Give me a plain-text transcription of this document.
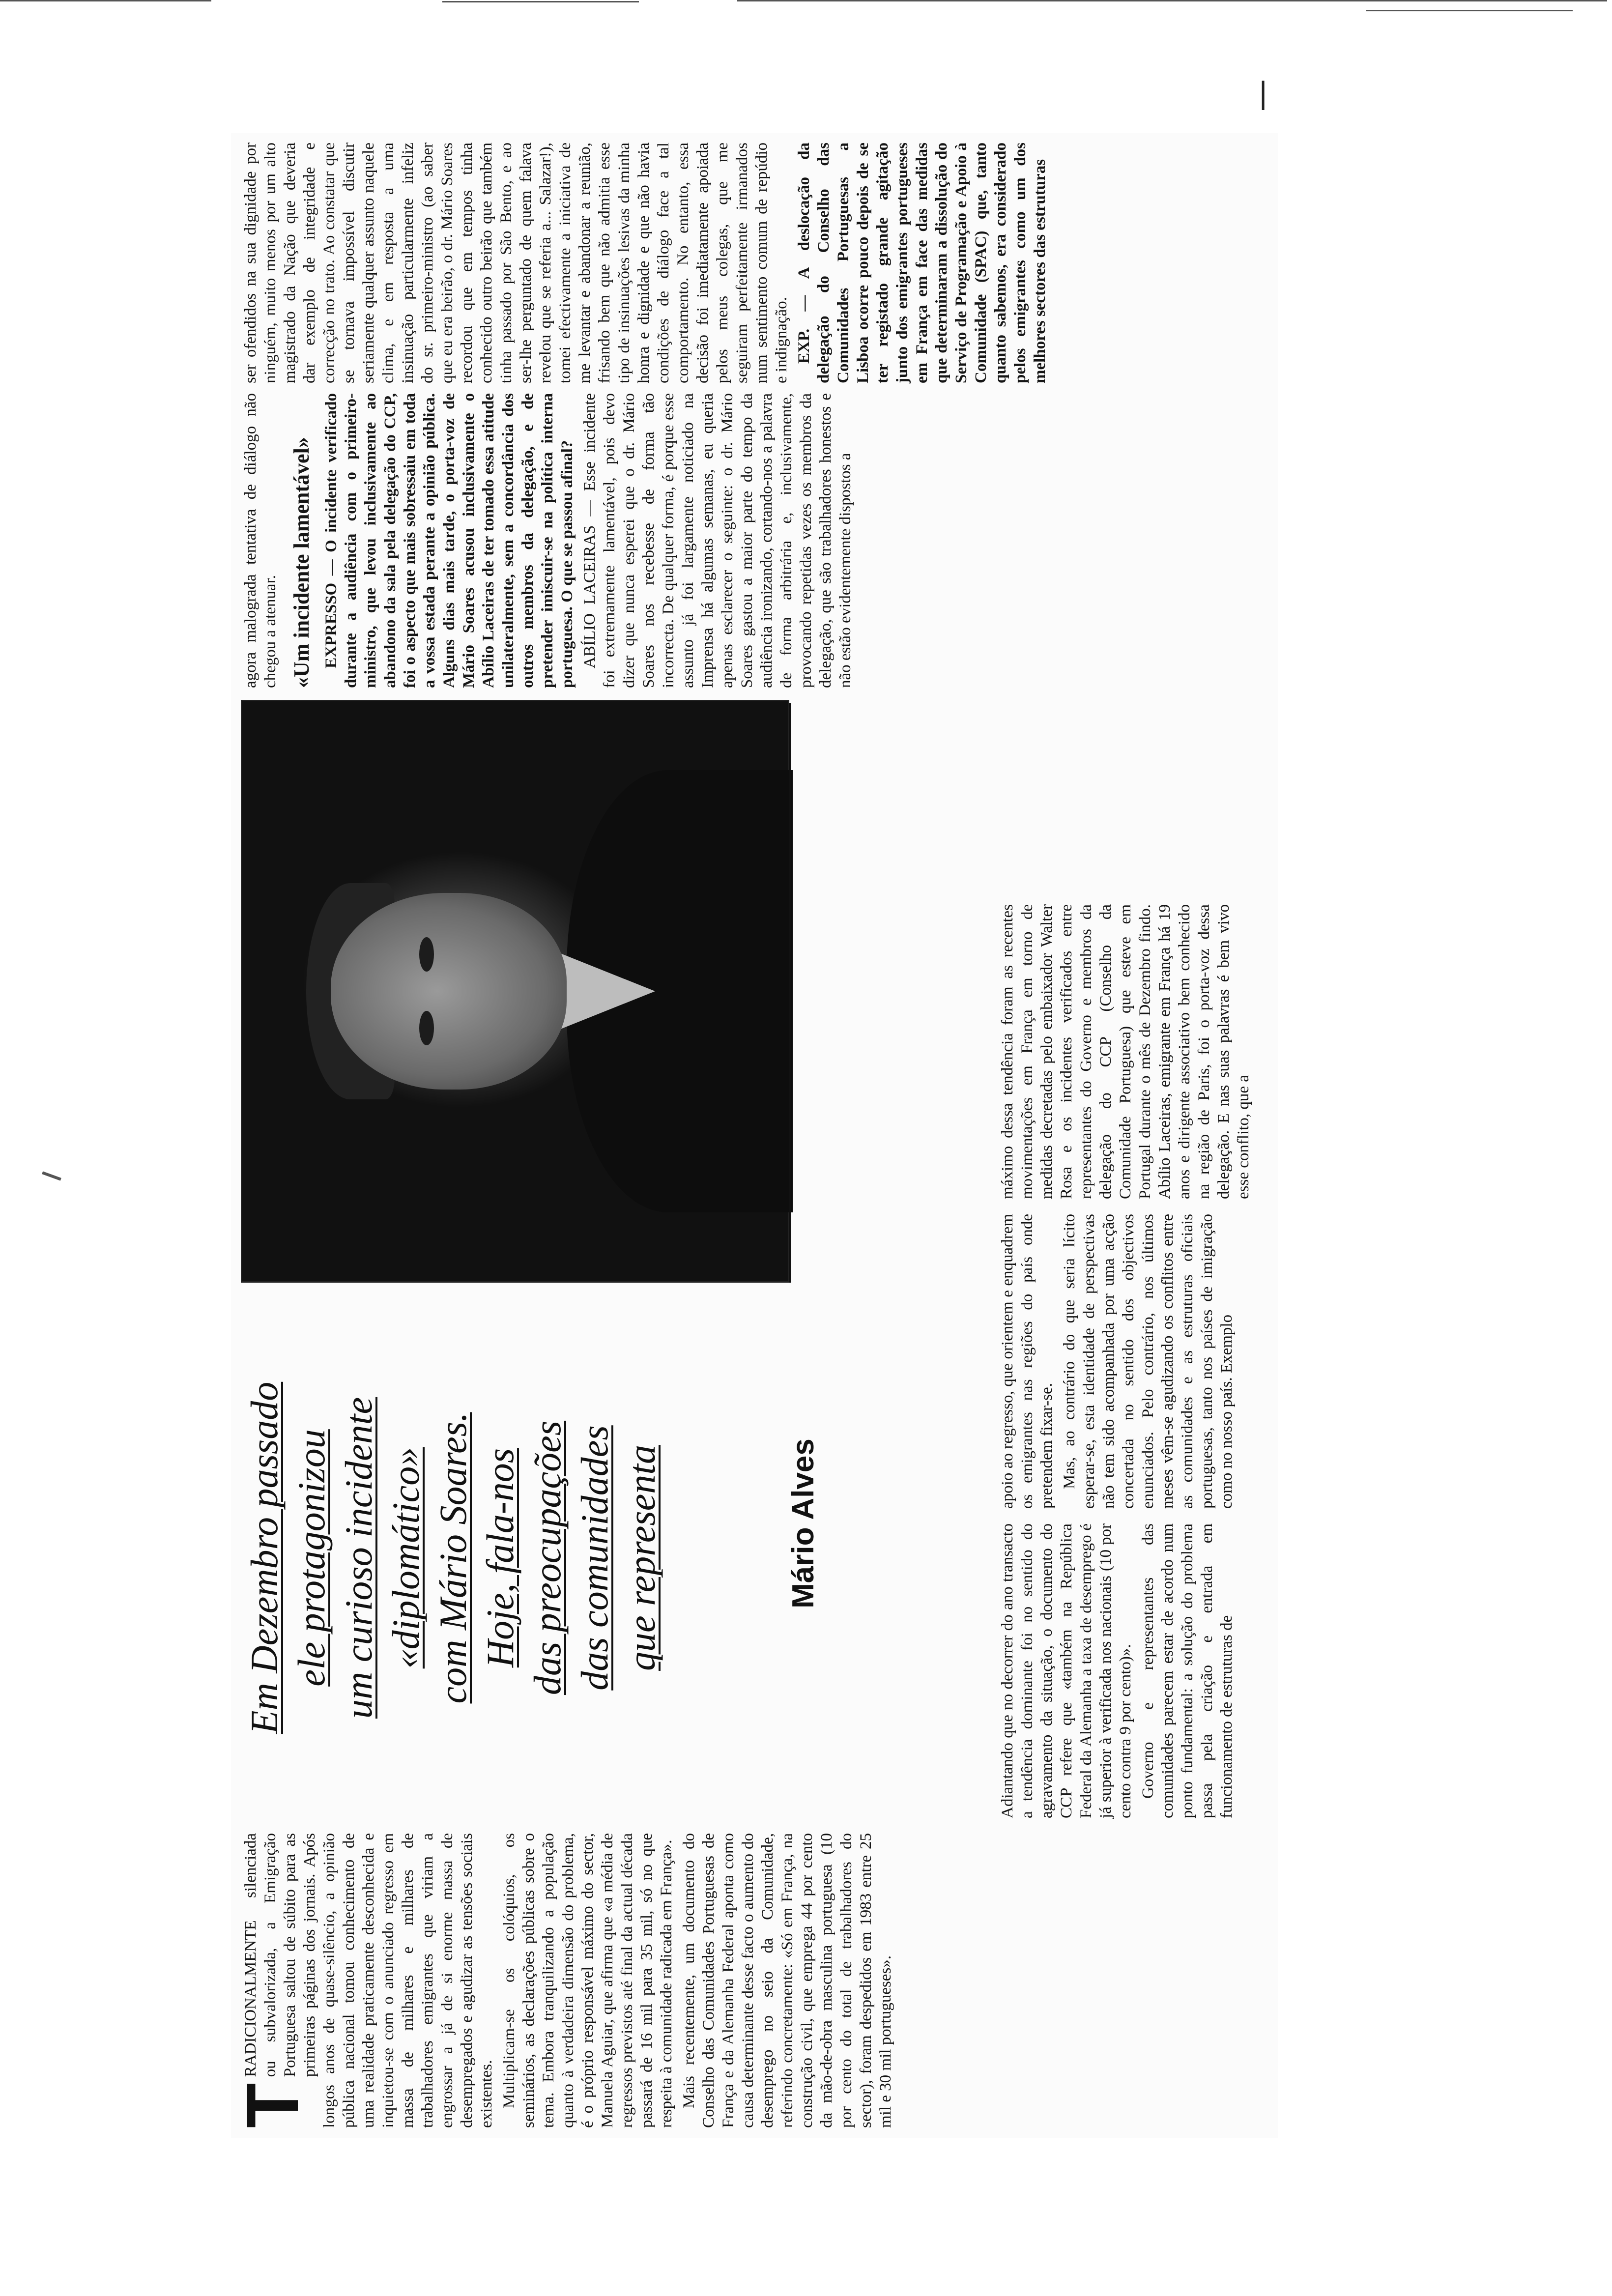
|
T

RADICIONALMENTE silenciada ou subvalorizada, a Emigração Portuguesa saltou de súbito para as primeiras páginas dos jornais. Após longos anos de quase-silêncio, a opinião pública nacional tomou conhecimento de uma realidade praticamente desconhecida e inquietou-se com o anunciado regresso em massa de milhares e milhares de trabalhadores emigrantes que viriam a engrossar a já de si enorme massa de desempregados e agudizar as tensões sociais existentes. Multiplicam-se os colóquios, os seminários, as declarações públicas sobre o tema. Embora tranquilizando a população quanto à verdadeira dimensão do problema, é o próprio responsável máximo do sector, Manuela Aguiar, que afirma que «a média de regressos previstos até final da actual década passará de 16 mil para 35 mil, só no que respeita à comunidade radicada em França». Mais recentemente, um documento do Conselho das Comunidades Portuguesas de França e da Alemanha Federal aponta como causa determinante desse facto o aumento do desemprego no seio da Comunidade, referindo concretamente: «Só em França, na construção civil, que emprega 44 por cento da mão-de-obra masculina portuguesa (10 por cento do total de trabalhadores do sector), foram despedidos em 1983 entre 25 mil e 30 mil portugueses».

Em Dezembro passado ele protagonizou um curioso incidente «diplomático» com Mário Soares. Hoje, fala-nos das preocupações das comunidades que representa	Mário Alves	Adiantando que no decorrer do ano transacto a tendência dominante foi no sentido do agravamento da situação, o documento do CCP refere que «também na República Federal da Alemanha a taxa de desemprego é já superior à verificada nos nacionais (10 por cento contra 9 por cento)». Governo e representantes das comunidades parecem estar de acordo num ponto fundamental: a solução do problema passa pela criação e entrada em funcionamento de estruturas de

apoio ao regresso, que orientem e enquadrem os emigrantes nas regiões do país onde pretendem fixar-se. Mas, ao contrário do que seria lícito esperar-se, esta identidade de perspectivas não tem sido acompanhada por uma acção concertada no sentido dos objectivos enunciados. Pelo contrário, nos últimos meses vêm-se agudizando os conflitos entre as comunidades e as estruturas oficiais portuguesas, tanto nos países de imigração como no nosso país. Exemplo

máximo dessa tendência foram as recentes movimentações em França em torno de medidas decretadas pelo embaixador Walter Rosa e os incidentes verificados entre representantes do Governo e membros da delegação do CCP (Conselho da Comunidade Portuguesa) que esteve em Portugal durante o mês de Dezembro findo. Abílio Laceiras, emigrante em França há 19 anos e dirigente associativo bem conhecido na região de Paris, foi o porta-voz dessa delegação. E nas suas palavras é bem vivo esse conflito, que a

agora malograda tentativa de diálogo não chegou a atenuar. «Um incidente lamentável» EXPRESSO — O incidente verificado durante a audiência com o primeiro-ministro, que levou inclusivamente ao abandono da sala pela delegação do CCP, foi o aspecto que mais sobressaiu em toda a vossa estada perante a opinião pública. Alguns dias mais tarde, o porta-voz de Mário Soares acusou inclusivamente o Abílio Laceiras de ter tomado essa atitude unilateralmente, sem a concordância dos outros membros da delegação, e de pretender imiscuir-se na política interna portuguesa. O que se passou afinal? ABÍLIO LACEIRAS — Esse incidente foi extremamente lamentável, pois devo dizer que nunca esperei que o dr. Mário Soares nos recebesse de forma tão incorrecta. De qualquer forma, é porque esse assunto já foi largamente noticiado na Imprensa há algumas semanas, eu queria apenas esclarecer o seguinte: o dr. Mário Soares gastou a maior parte do tempo da audiência ironizando, cortando-nos a palavra de forma arbitrária e, inclusivamente, provocando repetidas vezes os membros da delegação, que são trabalhadores honestos e não estão evidentemente dispostos a

ser ofendidos na sua dignidade por ninguém, muito menos por um alto magistrado da Nação que deveria dar exemplo de integridade e correcção no trato. Ao constatar que se tornava impossível discutir seriamente qualquer assunto naquele clima, e em resposta a uma insinuação particularmente infeliz do sr. primeiro-ministro (ao saber que eu era beirão, o dr. Mário Soares recordou que em tempos tinha conhecido outro beirão que também tinha passado por São Bento, e ao ser-lhe perguntado de quem falava revelou que se referia a... Salazar!), tomei efectivamente a iniciativa de me levantar e abandonar a reunião, frisando bem que não admitia esse tipo de insinuações lesivas da minha honra e dignidade e que não havia condições de diálogo face a tal comportamento. No entanto, essa decisão foi imediatamente apoiada pelos meus colegas, que me seguiram perfeitamente irmanados num sentimento comum de repúdio e indignação. EXP. — A deslocação da delegação do Conselho das Comunidades Portuguesas a Lisboa ocorre pouco depois de se ter registado grande agitação junto dos emigrantes portugueses em França em face das medidas que determinaram a dissolução do Serviço de Programação e Apoio à Comunidade (SPAC) que, tanto quanto sabemos, era considerado pelos emigrantes como um dos melhores sectores das estruturas
